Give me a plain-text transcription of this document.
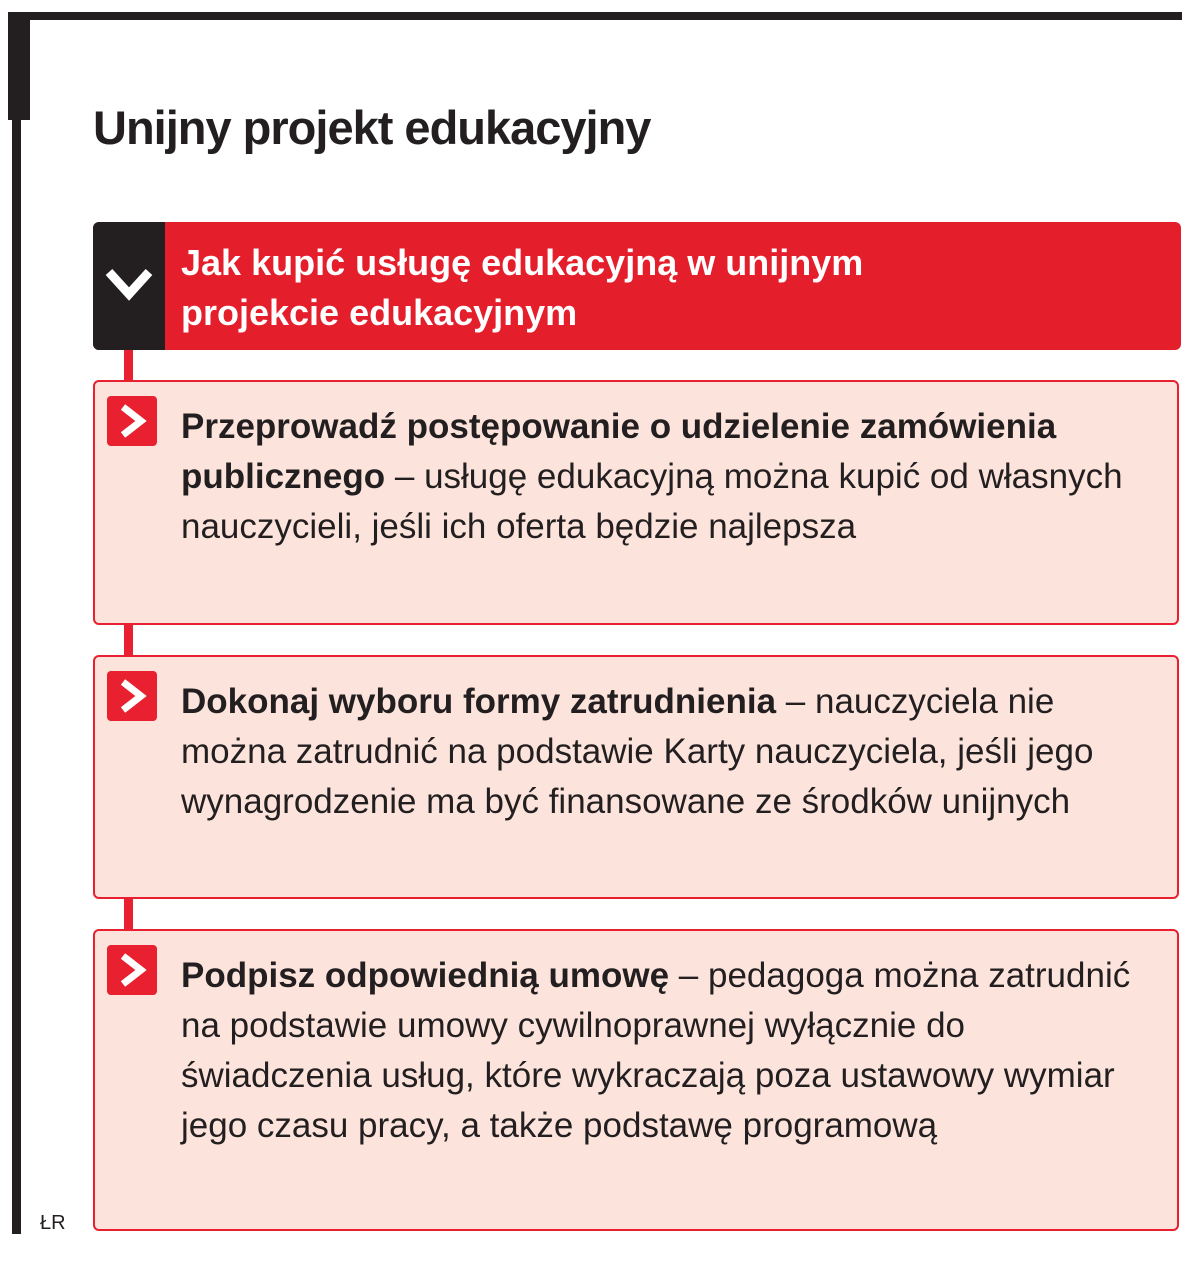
Unijny projekt edukacyjny

Jak kupić usługę edukacyjną w unijnym
projekcie edukacyjnym

Przeprowadź postępowanie o udzielenie zamówienia publicznego – usługę edukacyjną można kupić od własnych nauczycieli, jeśli ich oferta będzie najlepsza

Dokonaj wyboru formy zatrudnienia – nauczyciela nie można zatrudnić na podstawie Karty nauczyciela, jeśli jego wynagrodzenie ma być finansowane ze środków unijnych

Podpisz odpowiednią umowę – pedagoga można zatrudnić na podstawie umowy cywilnoprawnej wyłącznie do świadczenia usług, które wykraczają poza ustawowy wymiar jego czasu pracy, a także podstawę programową

ŁR
